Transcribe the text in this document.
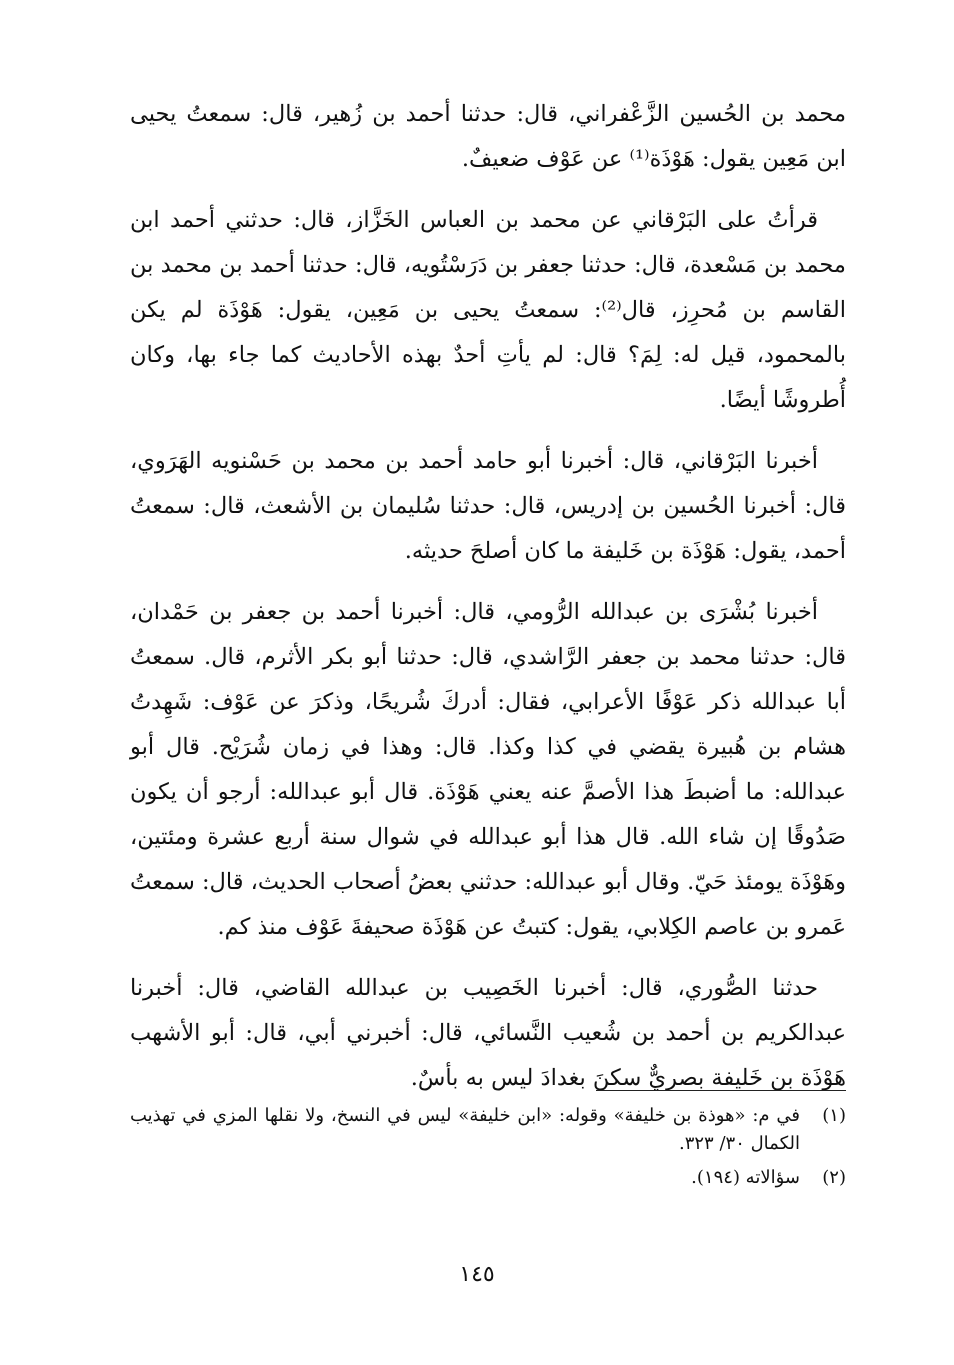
محمد بن الحُسين الزَّعْفراني، قال: حدثنا أحمد بن زُهير، قال: سمعتُ يحيى ابن مَعِين يقول: هَوْذَة⁽¹⁾ عن عَوْف ضعيفٌ.

قرأتُ على البَرْقاني عن محمد بن العباس الخَزَّاز، قال: حدثني أحمد ابن محمد بن مَسْعدة، قال: حدثنا جعفر بن دَرَسْتُويه، قال: حدثنا أحمد بن محمد بن القاسم بن مُحرِز، قال⁽²⁾: سمعتُ يحيى بن مَعِين، يقول: هَوْذَة لم يكن بالمحمود، قيل له: لِمَ؟ قال: لم يأتِ أحدٌ بهذه الأحاديث كما جاء بها، وكان أُطروشًا أيضًا.

أخبرنا البَرْقاني، قال: أخبرنا أبو حامد أحمد بن محمد بن حَسْنويه الهَرَوي، قال: أخبرنا الحُسين بن إدريس، قال: حدثنا سُليمان بن الأشعث، قال: سمعتُ أحمد، يقول: هَوْذَة بن خَليفة ما كان أصلحَ حديثه.

أخبرنا بُشْرَى بن عبدالله الرُّومي، قال: أخبرنا أحمد بن جعفر بن حَمْدان، قال: حدثنا محمد بن جعفر الرَّاشدي، قال: حدثنا أبو بكر الأثرم، قال. سمعتُ أبا عبدالله ذكر عَوْفًا الأعرابي، فقال: أدركَ شُريحًا، وذكرَ عن عَوْف: شَهِدتُ هشام بن هُبيرة يقضي في كذا وكذا. قال: وهذا في زمان شُرَيْح. قال أبو عبدالله: ما أضبطَ هذا الأصمَّ عنه يعني هَوْذَة. قال أبو عبدالله: أرجو أن يكون صَدُوقًا إن شاء الله. قال هذا أبو عبدالله في شوال سنة أربع عشرة ومئتين، وهَوْذَة يومئذ حَيّ. وقال أبو عبدالله: حدثني بعضُ أصحاب الحديث، قال: سمعتُ عَمرو بن عاصم الكِلابي، يقول: كتبتُ عن هَوْذَة صحيفةَ عَوْف منذ كم.

حدثنا الصُّوري، قال: أخبرنا الخَصِيب بن عبدالله القاضي، قال: أخبرنا عبدالكريم بن أحمد بن شُعيب النَّسائي، قال: أخبرني أبي، قال: أبو الأشهب هَوْذَة بن خَليفة بصريٌّ سكنَ بغدادَ ليس به بأسٌ.

(١)
في م: «هوذة بن خليفة» وقوله: «ابن خليفة» ليس في النسخ، ولا نقلها المزي في تهذيب الكمال ٣٠/ ٣٢٣.
(٢)
سؤالاته (١٩٤).
١٤٥
